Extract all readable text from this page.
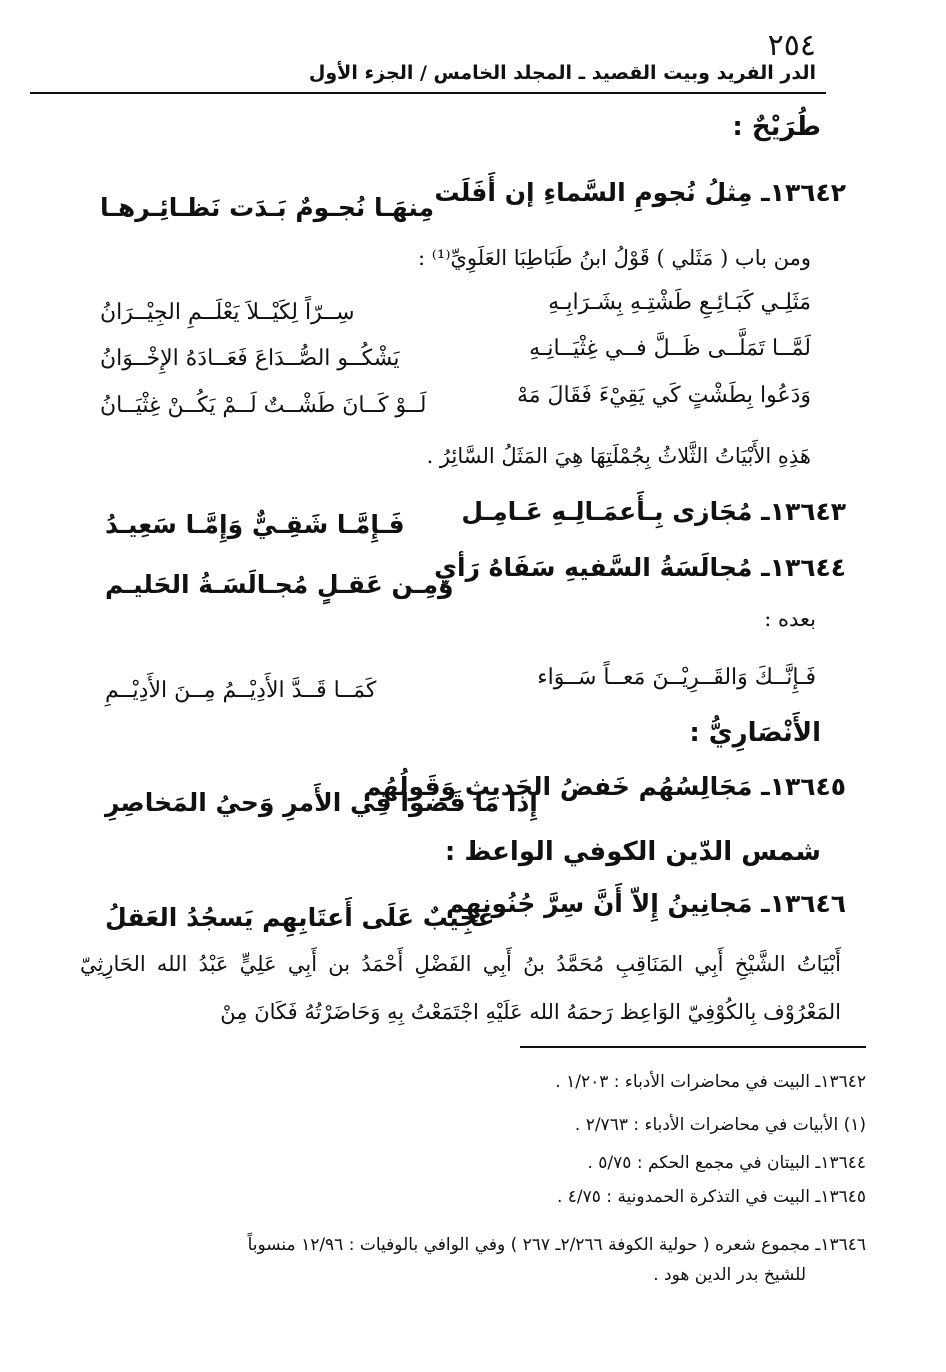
٢٥٤
الدر الفريد وبيت القصيد ـ المجلد الخامس / الجزء الأول
طُرَيْحٌ :
١٣٦٤٢ـ مِثلُ نُجومِ السَّماءِ إن أَفَلَت
مِنهَـا نُجـومٌ بَـدَت نَظـائِـرهـا
ومن باب ( مَثَلي ) قَوْلُ ابنُ طَبَاطِبَا العَلَوِيِّ⁽¹⁾ :
مَثَلِـي كَبَـائِـعِ طَشْتِـهِ بِشَـرَابِـهِ
سِــرّاً لِكَيْــلاَ يَعْلَــمِ الجِيْــرَانُ
لَمَّــا تَمَلَّــى ظَــلَّ فــي غِثْيَــانِـهِ
يَشْكُــو الصُّــدَاعَ فَعَــادَهُ الإِخْــوَانُ
وَدَعُوا بِطَشْتٍ كَي يَقِيْءَ فَقَالَ مَهْ
لَــوْ كَــانَ طَشْــتٌ لَــمْ يَكُــنْ غِثْيَــانُ
هَذِهِ الأَبْيَاتُ الثَّلاثُ بِجُمْلَتِهَا هِيَ المَثَلُ السَّائِرُ .
١٣٦٤٣ـ مُجَازى بِـأَعمَـالِـهِ عَـامِـل
فَـإِمَّـا شَقِـيٌّ وَإِمَّـا سَعِيـدُ
١٣٦٤٤ـ مُجالَسَةُ السَّفيهِ سَفَاهُ رَأيٍ
وَمِـن عَقـلٍ مُجـالَسَـةُ الحَليـم
بعده :
فَـإِنَّــكَ وَالقَــرِيْــنَ مَعــاً سَــوَاء
كَمَــا قَــدَّ الأَدِيْــمُ مِــنَ الأَدِيْــمِ
الأَنْصَارِيُّ :
١٣٦٤٥ـ مَجَالِسُهُم خَفضُ الحَديثِ وَقَولُهُم
إِذا مَا قَضوا فِي الأَمرِ وَحيُ المَخاصِرِ
شمس الدّين الكوفي الواعظ :
١٣٦٤٦ـ مَجانِينُ إِلاّ أَنَّ سِرَّ جُنُونِهِم
عَجِيبٌ عَلَى أَعتَابِهِم يَسجُدُ العَقلُ
أَبْيَاتُ الشَّيْخِ أَبِي المَنَاقِبِ مُحَمَّدُ بنُ أَبِي الفَضْلِ أَحْمَدُ بن أَبِي عَلِيٍّ عَبْدُ الله الحَارِثِيّ المَعْرُوْف بِالكُوْفِيّ الوَاعِظ رَحمَهُ الله عَلَيْهِ اجْتَمَعْتُ بِهِ وَحَاضَرْتُهُ فَكَانَ مِنْ
١٣٦٤٢ـ البيت في محاضرات الأدباء : ١/٢٠٣ .
(١) الأبيات في محاضرات الأدباء : ٢/٧٦٣ .
١٣٦٤٤ـ البيتان في مجمع الحكم : ٥/٧٥ .
١٣٦٤٥ـ البيت في التذكرة الحمدونية : ٤/٧٥ .
١٣٦٤٦ـ مجموع شعره ( حولية الكوفة ٢/٢٦٦ـ ٢٦٧ ) وفي الوافي بالوفيات : ١٢/٩٦ منسوباً
للشيخ بدر الدين هود .
